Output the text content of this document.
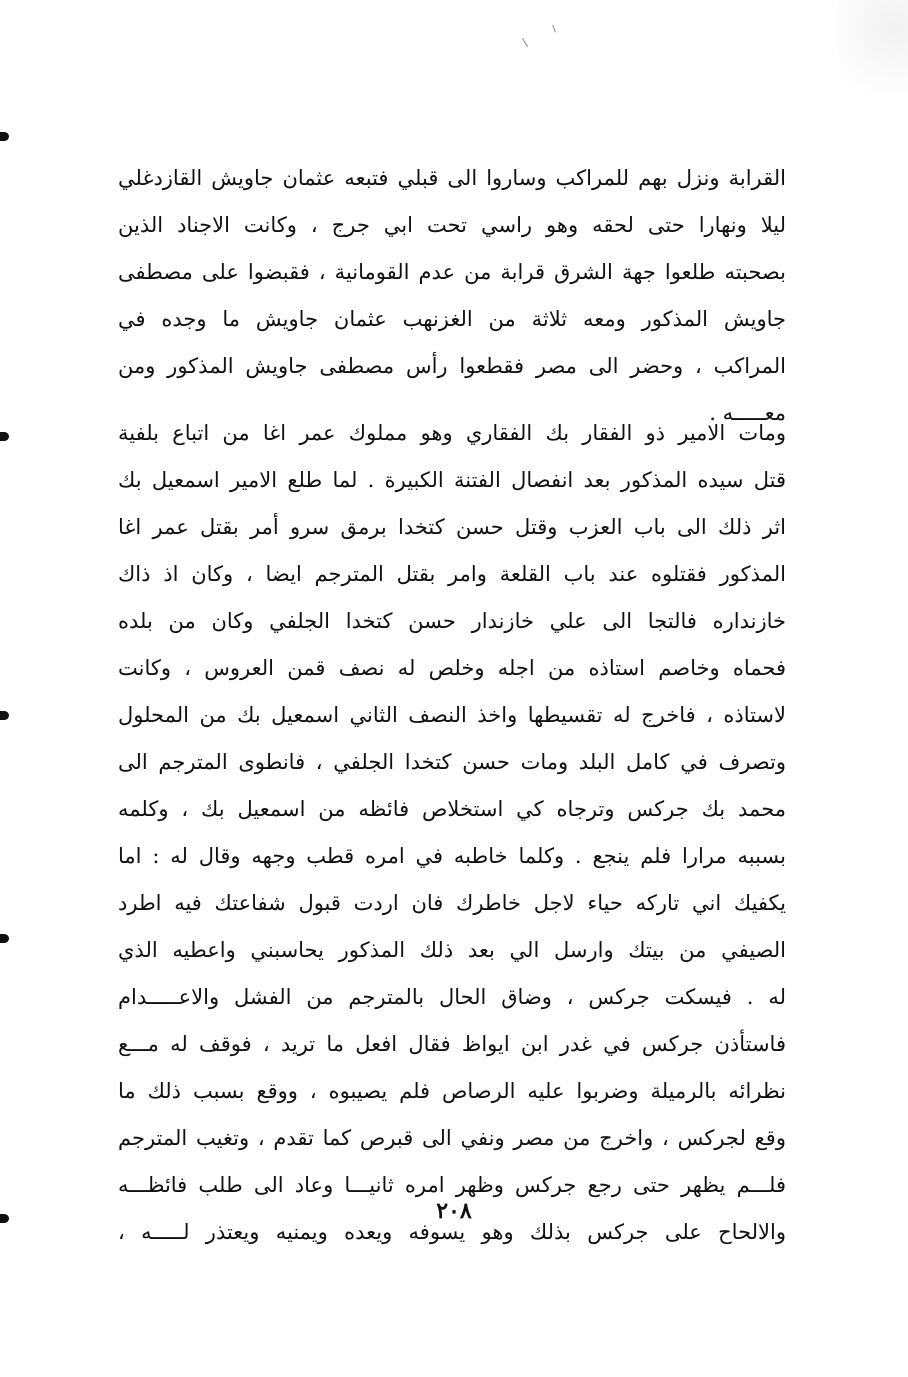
القرابة ونزل بهم للمراكب وساروا الى قبلي فتبعه عثمان جاويش القازدغلي
ليلا ونهارا حتى لحقه وهو راسي تحت ابي جرج ، وكانت الاجناد الذين
بصحبته طلعوا جهة الشرق قرابة من عدم القومانية ، فقبضوا على مصطفى
جاويش المذكور ومعه ثلاثة من الغزنهب عثمان جاويش ما وجده في
المراكب ، وحضر الى مصر فقطعوا رأس مصطفى جاويش المذكور ومن
معـــــه .
ومات الامير ذو الفقار بك الفقاري وهو مملوك عمر اغا من اتباع بلفية
قتل سيده المذكور بعد انفصال الفتنة الكبيرة . لما طلع الامير اسمعيل بك
اثر ذلك الى باب العزب وقتل حسن كتخدا برمق سرو أمر بقتل عمر اغا
المذكور فقتلوه عند باب القلعة وامر بقتل المترجم ايضا ، وكان اذ ذاك
خازنداره فالتجا الى علي خازندار حسن كتخدا الجلفي وكان من بلده
فحماه وخاصم استاذه من اجله وخلص له نصف قمن العروس ، وكانت
لاستاذه ، فاخرج له تقسيطها واخذ النصف الثاني اسمعيل بك من المحلول
وتصرف في كامل البلد ومات حسن كتخدا الجلفي ، فانطوى المترجم الى
محمد بك جركس وترجاه كي استخلاص فائظه من اسمعيل بك ، وكلمه
بسببه مرارا فلم ينجع . وكلما خاطبه في امره قطب وجهه وقال له : اما
يكفيك اني تاركه حياء لاجل خاطرك فان اردت قبول شفاعتك فيه اطرد
الصيفي من بيتك وارسل الي بعد ذلك المذكور يحاسبني واعطيه الذي
له . فيسكت جركس ، وضاق الحال بالمترجم من الفشل والاعـــــدام
فاستأذن جركس في غدر ابن ايواظ فقال افعل ما تريد ، فوقف له مـــع
نظرائه بالرميلة وضربوا عليه الرصاص فلم يصيبوه ، ووقع بسبب ذلك ما
وقع لجركس ، واخرج من مصر ونفي الى قبرص كما تقدم ، وتغيب المترجم
فلـــم يظهر حتى رجع جركس وظهر امره ثانيـــا وعاد الى طلب فائظـــه
والالحاح على جركس بذلك وهو يسوفه ويعده ويمنيه ويعتذر لـــــه ،
٢٠٨
